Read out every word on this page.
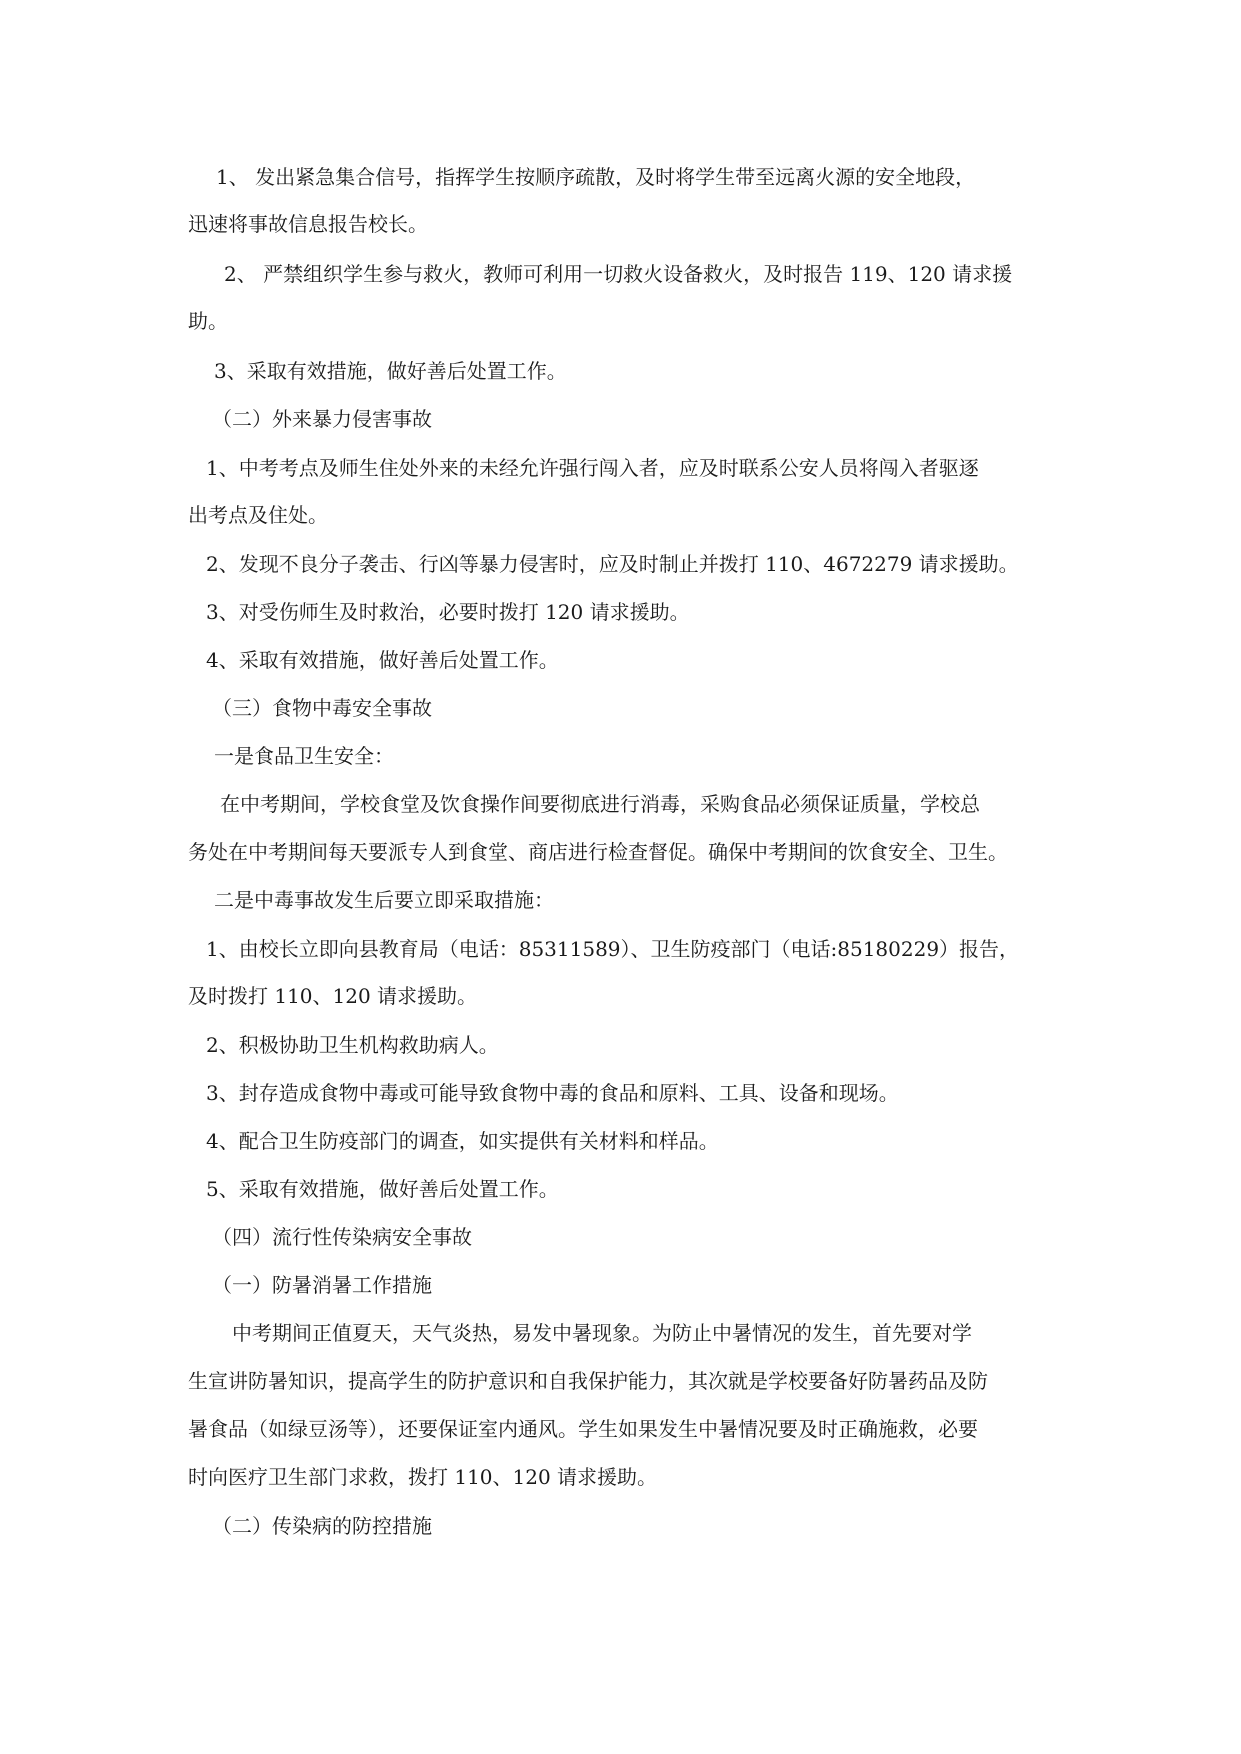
1、 发出紧急集合信号，指挥学生按顺序疏散，及时将学生带至远离火源的安全地段，
迅速将事故信息报告校长。
2、 严禁组织学生参与救火，教师可利用一切救火设备救火，及时报告 119、120 请求援
助。
3、采取有效措施，做好善后处置工作。
（二）外来暴力侵害事故
1、中考考点及师生住处外来的未经允许强行闯入者，应及时联系公安人员将闯入者驱逐
出考点及住处。
2、发现不良分子袭击、行凶等暴力侵害时，应及时制止并拨打 110、4672279 请求援助。
3、对受伤师生及时救治，必要时拨打 120 请求援助。
4、采取有效措施，做好善后处置工作。
（三）食物中毒安全事故
一是食品卫生安全：
在中考期间，学校食堂及饮食操作间要彻底进行消毒，采购食品必须保证质量，学校总
务处在中考期间每天要派专人到食堂、商店进行检查督促。确保中考期间的饮食安全、卫生。
二是中毒事故发生后要立即采取措施：
1、由校长立即向县教育局（电话：85311589）、卫生防疫部门（电话:85180229）报告，
及时拨打 110、120 请求援助。
2、积极协助卫生机构救助病人。
3、封存造成食物中毒或可能导致食物中毒的食品和原料、工具、设备和现场。
4、配合卫生防疫部门的调查，如实提供有关材料和样品。
5、采取有效措施，做好善后处置工作。
（四）流行性传染病安全事故
（一）防暑消暑工作措施
中考期间正值夏天，天气炎热，易发中暑现象。为防止中暑情况的发生，首先要对学
生宣讲防暑知识，提高学生的防护意识和自我保护能力，其次就是学校要备好防暑药品及防
暑食品（如绿豆汤等），还要保证室内通风。学生如果发生中暑情况要及时正确施救，必要
时向医疗卫生部门求救，拨打 110、120 请求援助。
（二）传染病的防控措施
